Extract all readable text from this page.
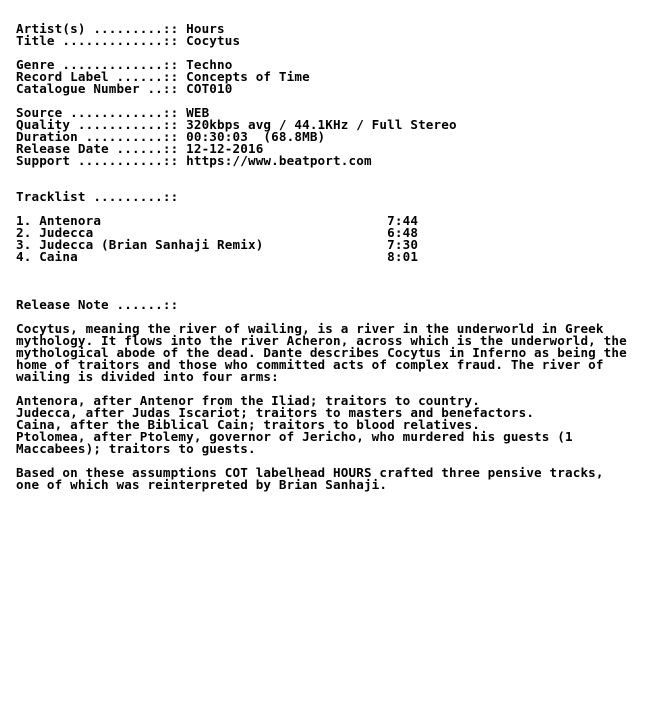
Artist(s) .........:: Hours
Title .............:: Cocytus
Genre .............:: Techno
Record Label ......:: Concepts of Time
Catalogue Number ..:: COT010
Source ............:: WEB
Quality ...........:: 320kbps avg / 44.1KHz / Full Stereo
Duration ..........:: 00:30:03  (68.8MB)
Release Date ......:: 12-12-2016
Support ...........:: https://www.beatport.com
Tracklist .........::
1. Antenora                                     7:44
2. Judecca                                      6:48
3. Judecca (Brian Sanhaji Remix)                7:30
4. Caina                                        8:01
Release Note ......::
Cocytus, meaning the river of wailing, is a river in the underworld in Greek
mythology. It flows into the river Acheron, across which is the underworld, the
mythological abode of the dead. Dante describes Cocytus in Inferno as being the
home of traitors and those who committed acts of complex fraud. The river of
wailing is divided into four arms:
Antenora, after Antenor from the Iliad; traitors to country.
Judecca, after Judas Iscariot; traitors to masters and benefactors.
Caina, after the Biblical Cain; traitors to blood relatives.
Ptolomea, after Ptolemy, governor of Jericho, who murdered his guests (1
Maccabees); traitors to guests.
Based on these assumptions COT labelhead HOURS crafted three pensive tracks,
one of which was reinterpreted by Brian Sanhaji.
